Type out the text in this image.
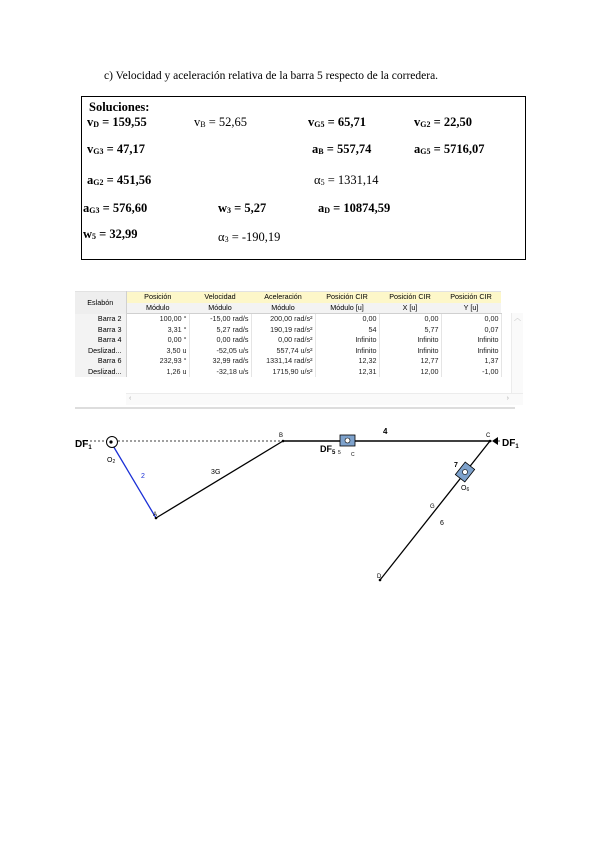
c) Velocidad y aceleración relativa de la barra 5 respecto de la corredera.
Soluciones:
$v_D = 159,55$	$v_B = 52,65$	$v_{G5} = 65,71$	$v_{G2} = 22,50$
$v_{G3} = 47,17$	$a_B = 557,74$	$a_{G5} = 5716,07$
$a_{G2} = 451,56$	$\alpha_5 = 1331,14$
$a_{G3} = 576,60$	$w_3 = 5,27$	$a_D = 10874,59$
$w_5 = 32,99$	$\alpha_3 = -190,19$
Eslabón	Posición	Velocidad	Aceleración	Posición CIR	Posición CIR	Posición CIR
	Módulo	Módulo	Módulo	Módulo [u]	X [u]	Y [u]
Barra 2	100,00 °	-15,00 rad/s	200,00 rad/s²	0,00	0,00	0,00
Barra 3	3,31 °	5,27 rad/s	190,19 rad/s²	54	5,77	0,07
Barra 4	0,00 °	0,00 rad/s	0,00 rad/s²	Infinito	Infinito	Infinito
Deslizad...	3,50 u	-52,05 u/s	557,74 u/s²	Infinito	Infinito	Infinito
Barra 6	232,93 °	32,99 rad/s	1331,14 rad/s²	12,32	12,77	1,37
Deslizad...	1,26 u	-32,18 u/s	1715,90 u/s²	12,31	12,00	-1,00
︿
‹	›
$DF_1$
O2
2
A
3 G
B
$DF_5$ 5 C
4	C
$DF_1$
7
6
O6
D
G
